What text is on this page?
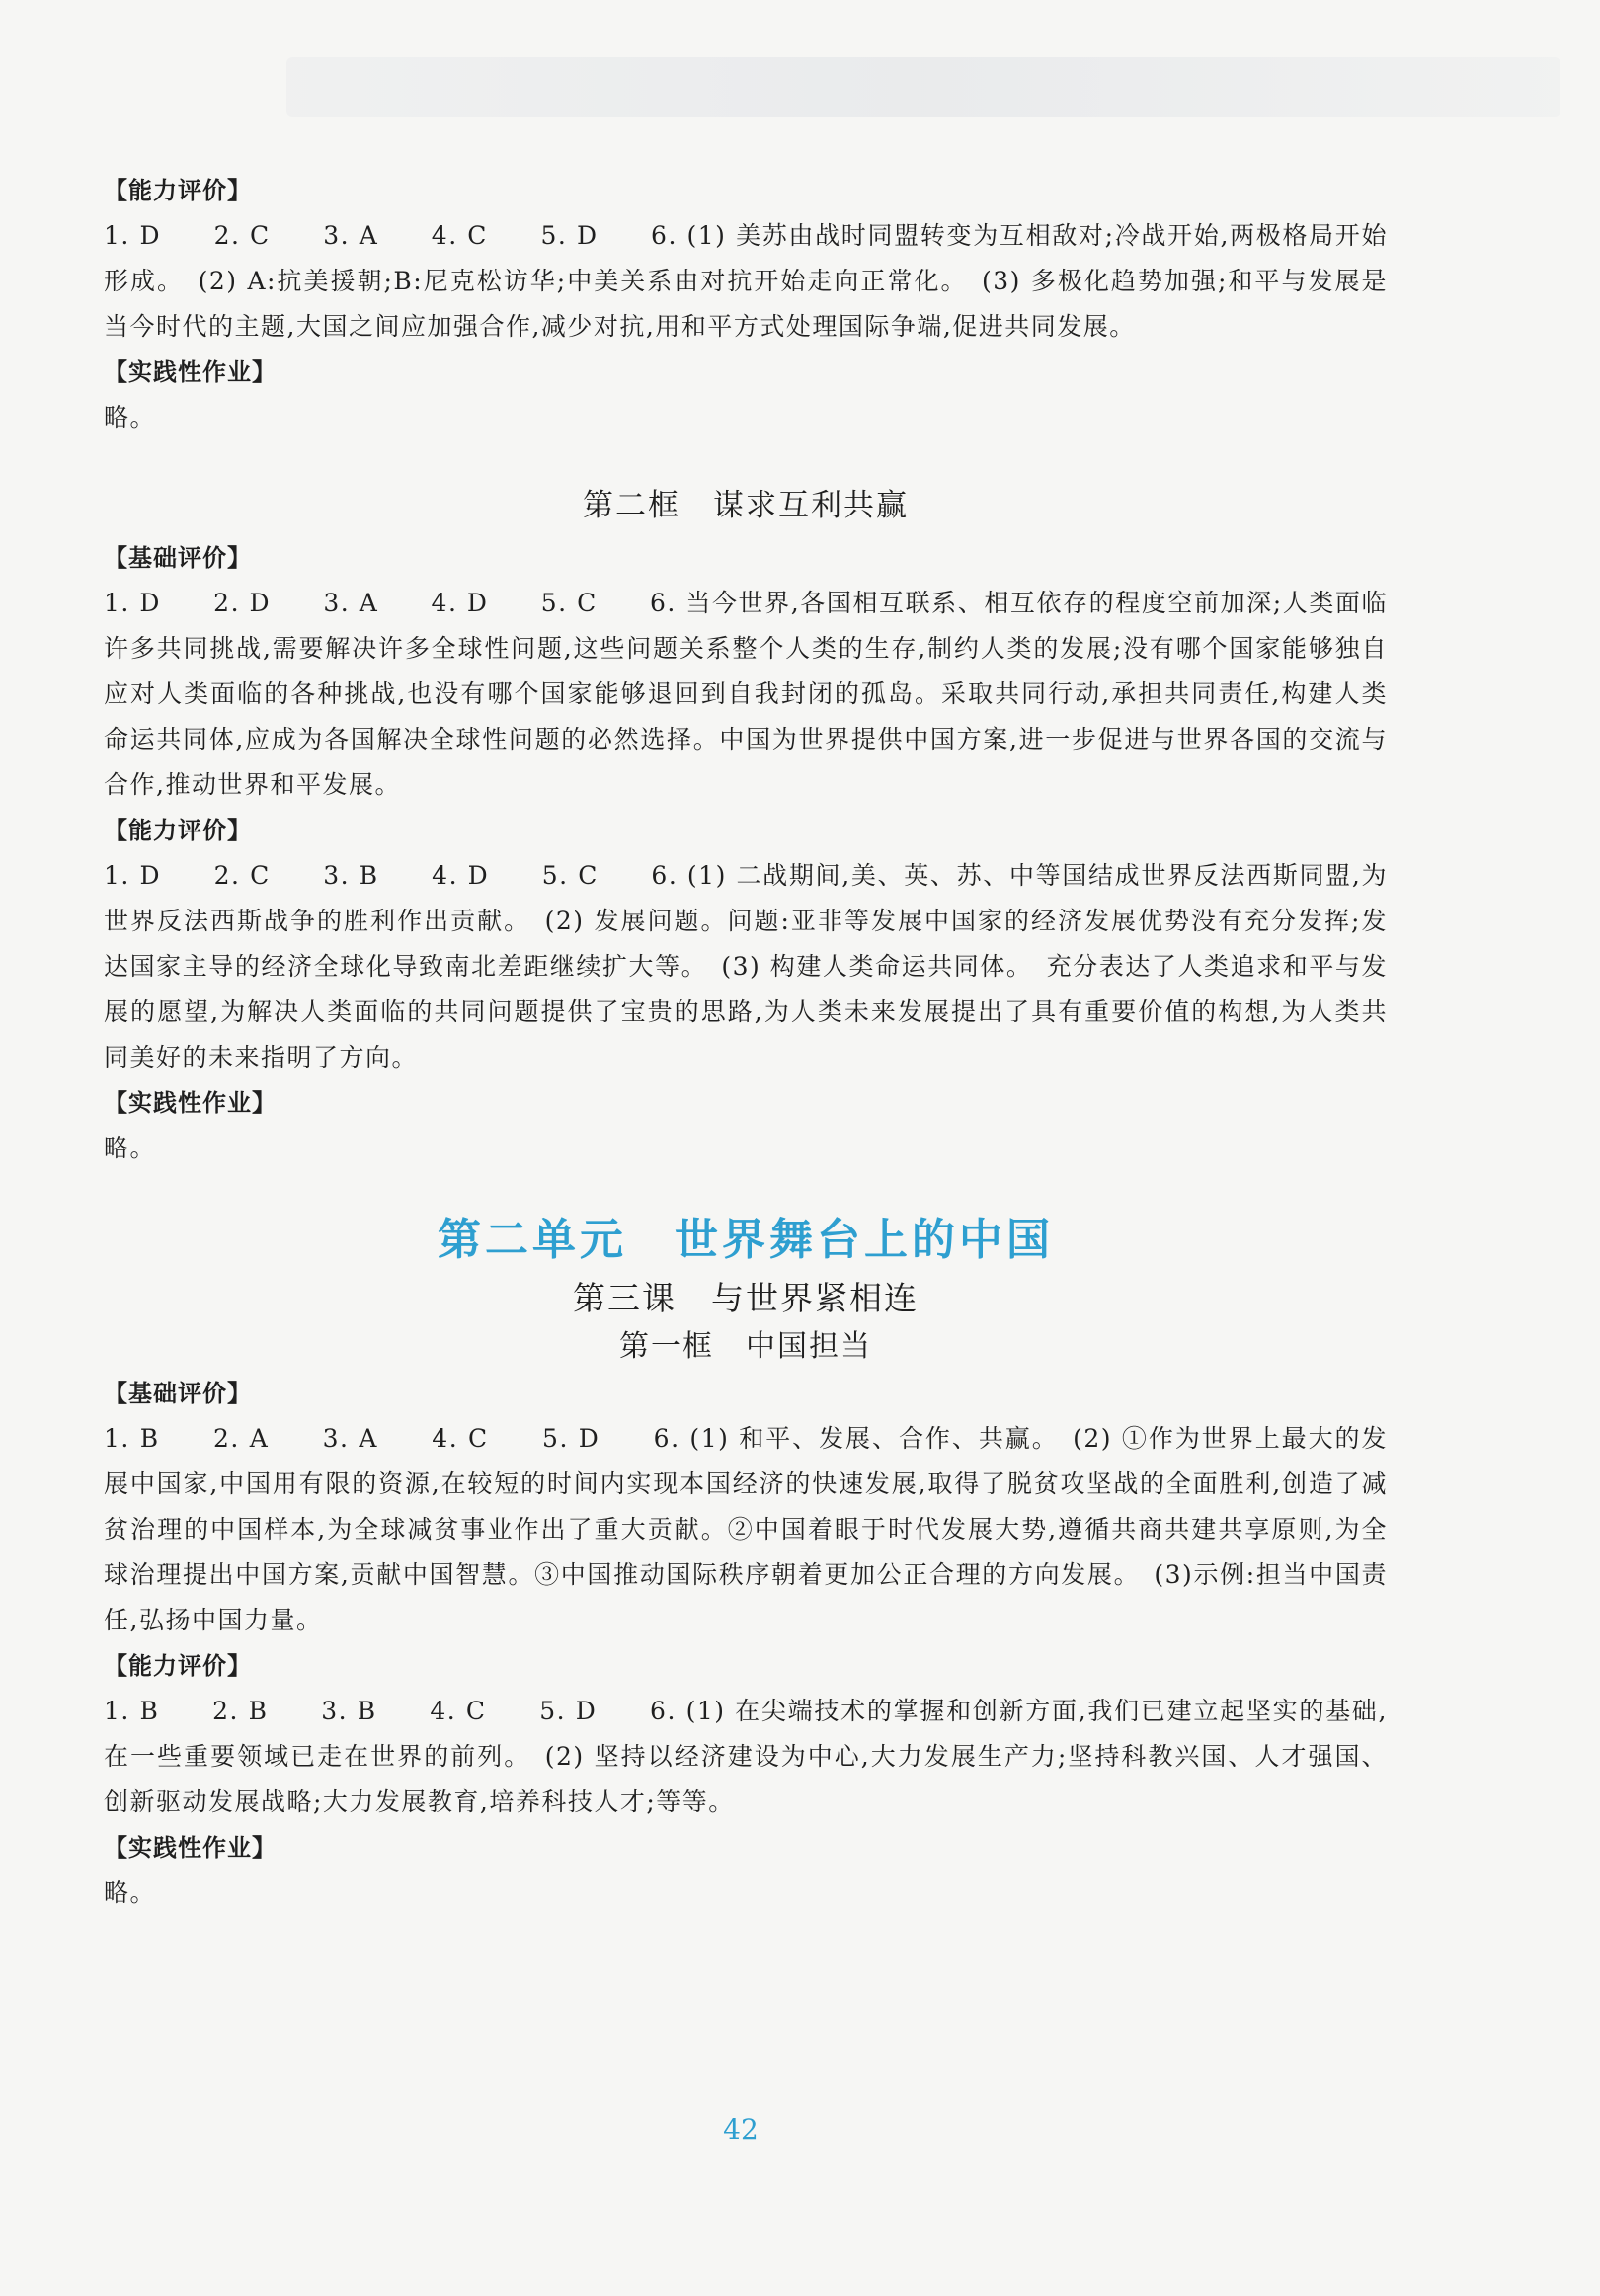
【能力评价】

1. D　　2. C　　3. A　　4. C　　5. D　　6. (1) 美苏由战时同盟转变为互相敌对;冷战开始,两极格局开始形成。　(2) A:抗美援朝;B:尼克松访华;中美关系由对抗开始走向正常化。　(3) 多极化趋势加强;和平与发展是当今时代的主题,大国之间应加强合作,减少对抗,用和平方式处理国际争端,促进共同发展。

【实践性作业】

略。

第二框　谋求互利共赢
【基础评价】

1. D　　2. D　　3. A　　4. D　　5. C　　6. 当今世界,各国相互联系、相互依存的程度空前加深;人类面临许多共同挑战,需要解决许多全球性问题,这些问题关系整个人类的生存,制约人类的发展;没有哪个国家能够独自应对人类面临的各种挑战,也没有哪个国家能够退回到自我封闭的孤岛。采取共同行动,承担共同责任,构建人类命运共同体,应成为各国解决全球性问题的必然选择。中国为世界提供中国方案,进一步促进与世界各国的交流与合作,推动世界和平发展。

【能力评价】

1. D　　2. C　　3. B　　4. D　　5. C　　6. (1) 二战期间,美、英、苏、中等国结成世界反法西斯同盟,为世界反法西斯战争的胜利作出贡献。　(2) 发展问题。问题:亚非等发展中国家的经济发展优势没有充分发挥;发达国家主导的经济全球化导致南北差距继续扩大等。　(3) 构建人类命运共同体。　充分表达了人类追求和平与发展的愿望,为解决人类面临的共同问题提供了宝贵的思路,为人类未来发展提出了具有重要价值的构想,为人类共同美好的未来指明了方向。

【实践性作业】

略。

第二单元　世界舞台上的中国
第三课　与世界紧相连
第一框　中国担当
【基础评价】

1. B　　2. A　　3. A　　4. C　　5. D　　6. (1) 和平、发展、合作、共赢。　(2) ①作为世界上最大的发展中国家,中国用有限的资源,在较短的时间内实现本国经济的快速发展,取得了脱贫攻坚战的全面胜利,创造了减贫治理的中国样本,为全球减贫事业作出了重大贡献。②中国着眼于时代发展大势,遵循共商共建共享原则,为全球治理提出中国方案,贡献中国智慧。③中国推动国际秩序朝着更加公正合理的方向发展。　(3)示例:担当中国责任,弘扬中国力量。

【能力评价】

1. B　　2. B　　3. B　　4. C　　5. D　　6. (1) 在尖端技术的掌握和创新方面,我们已建立起坚实的基础,在一些重要领域已走在世界的前列。　(2) 坚持以经济建设为中心,大力发展生产力;坚持科教兴国、人才强国、创新驱动发展战略;大力发展教育,培养科技人才;等等。

【实践性作业】

略。

42
